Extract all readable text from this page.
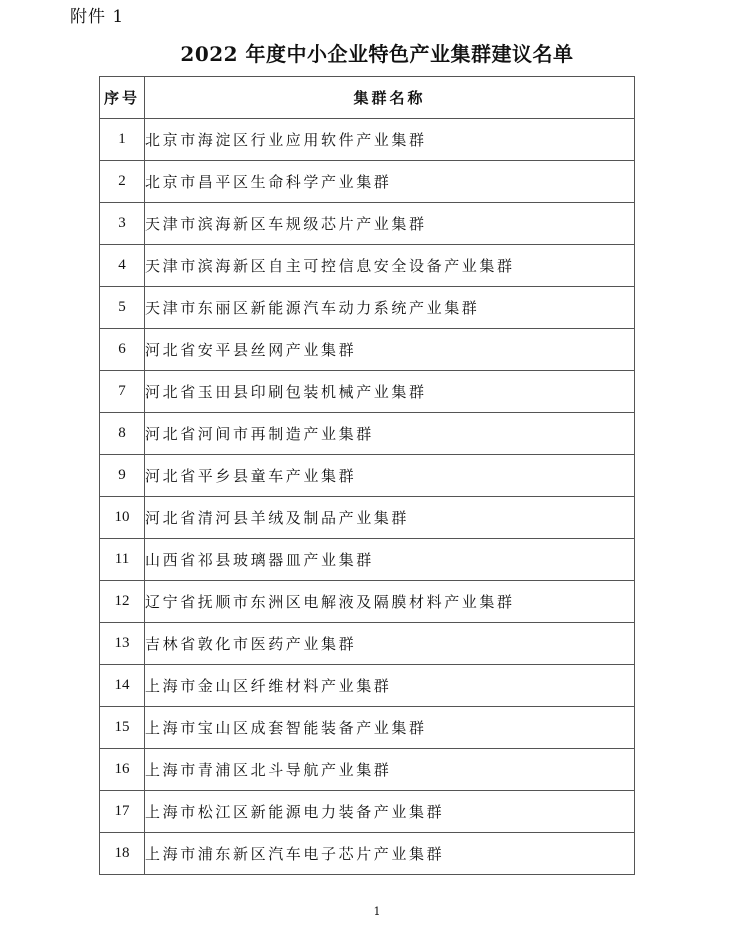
附件 1
2022 年度中小企业特色产业集群建议名单
序号	集群名称
1	北京市海淀区行业应用软件产业集群
2	北京市昌平区生命科学产业集群
3	天津市滨海新区车规级芯片产业集群
4	天津市滨海新区自主可控信息安全设备产业集群
5	天津市东丽区新能源汽车动力系统产业集群
6	河北省安平县丝网产业集群
7	河北省玉田县印刷包装机械产业集群
8	河北省河间市再制造产业集群
9	河北省平乡县童车产业集群
10	河北省清河县羊绒及制品产业集群
11	山西省祁县玻璃器皿产业集群
12	辽宁省抚顺市东洲区电解液及隔膜材料产业集群
13	吉林省敦化市医药产业集群
14	上海市金山区纤维材料产业集群
15	上海市宝山区成套智能装备产业集群
16	上海市青浦区北斗导航产业集群
17	上海市松江区新能源电力装备产业集群
18	上海市浦东新区汽车电子芯片产业集群
1
